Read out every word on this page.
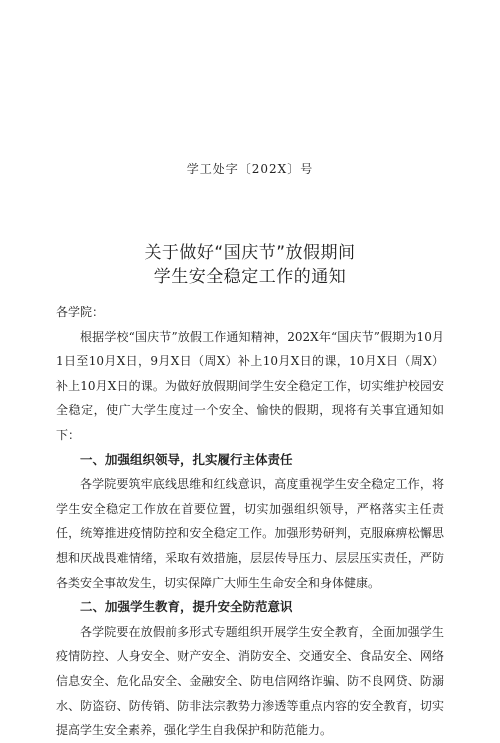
学工处字〔202X〕号
关于做好“国庆节”放假期间
学生安全稳定工作的通知

各学院：

根据学校“国庆节”放假工作通知精神，202X年“国庆节”假期为10月1日至10月X日，9月X日（周X）补上10月X日的课，10月X日（周X）补上10月X日的课。为做好放假期间学生安全稳定工作，切实维护校园安全稳定，使广大学生度过一个安全、愉快的假期，现将有关事宜通知如下：

一、加强组织领导，扎实履行主体责任

各学院要筑牢底线思维和红线意识，高度重视学生安全稳定工作，将学生安全稳定工作放在首要位置，切实加强组织领导，严格落实主任责任，统筹推进疫情防控和安全稳定工作。加强形势研判，克服麻痹松懈思想和厌战畏难情绪，采取有效措施，层层传导压力、层层压实责任，严防各类安全事故发生，切实保障广大师生生命安全和身体健康。

二、加强学生教育，提升安全防范意识

各学院要在放假前多形式专题组织开展学生安全教育，全面加强学生疫情防控、人身安全、财产安全、消防安全、交通安全、食品安全、网络信息安全、危化品安全、金融安全、防电信网络诈骗、防不良网贷、防溺水、防盗窃、防传销、防非法宗教势力渗透等重点内容的安全教育，切实提高学生安全素养，强化学生自我保护和防范能力。
